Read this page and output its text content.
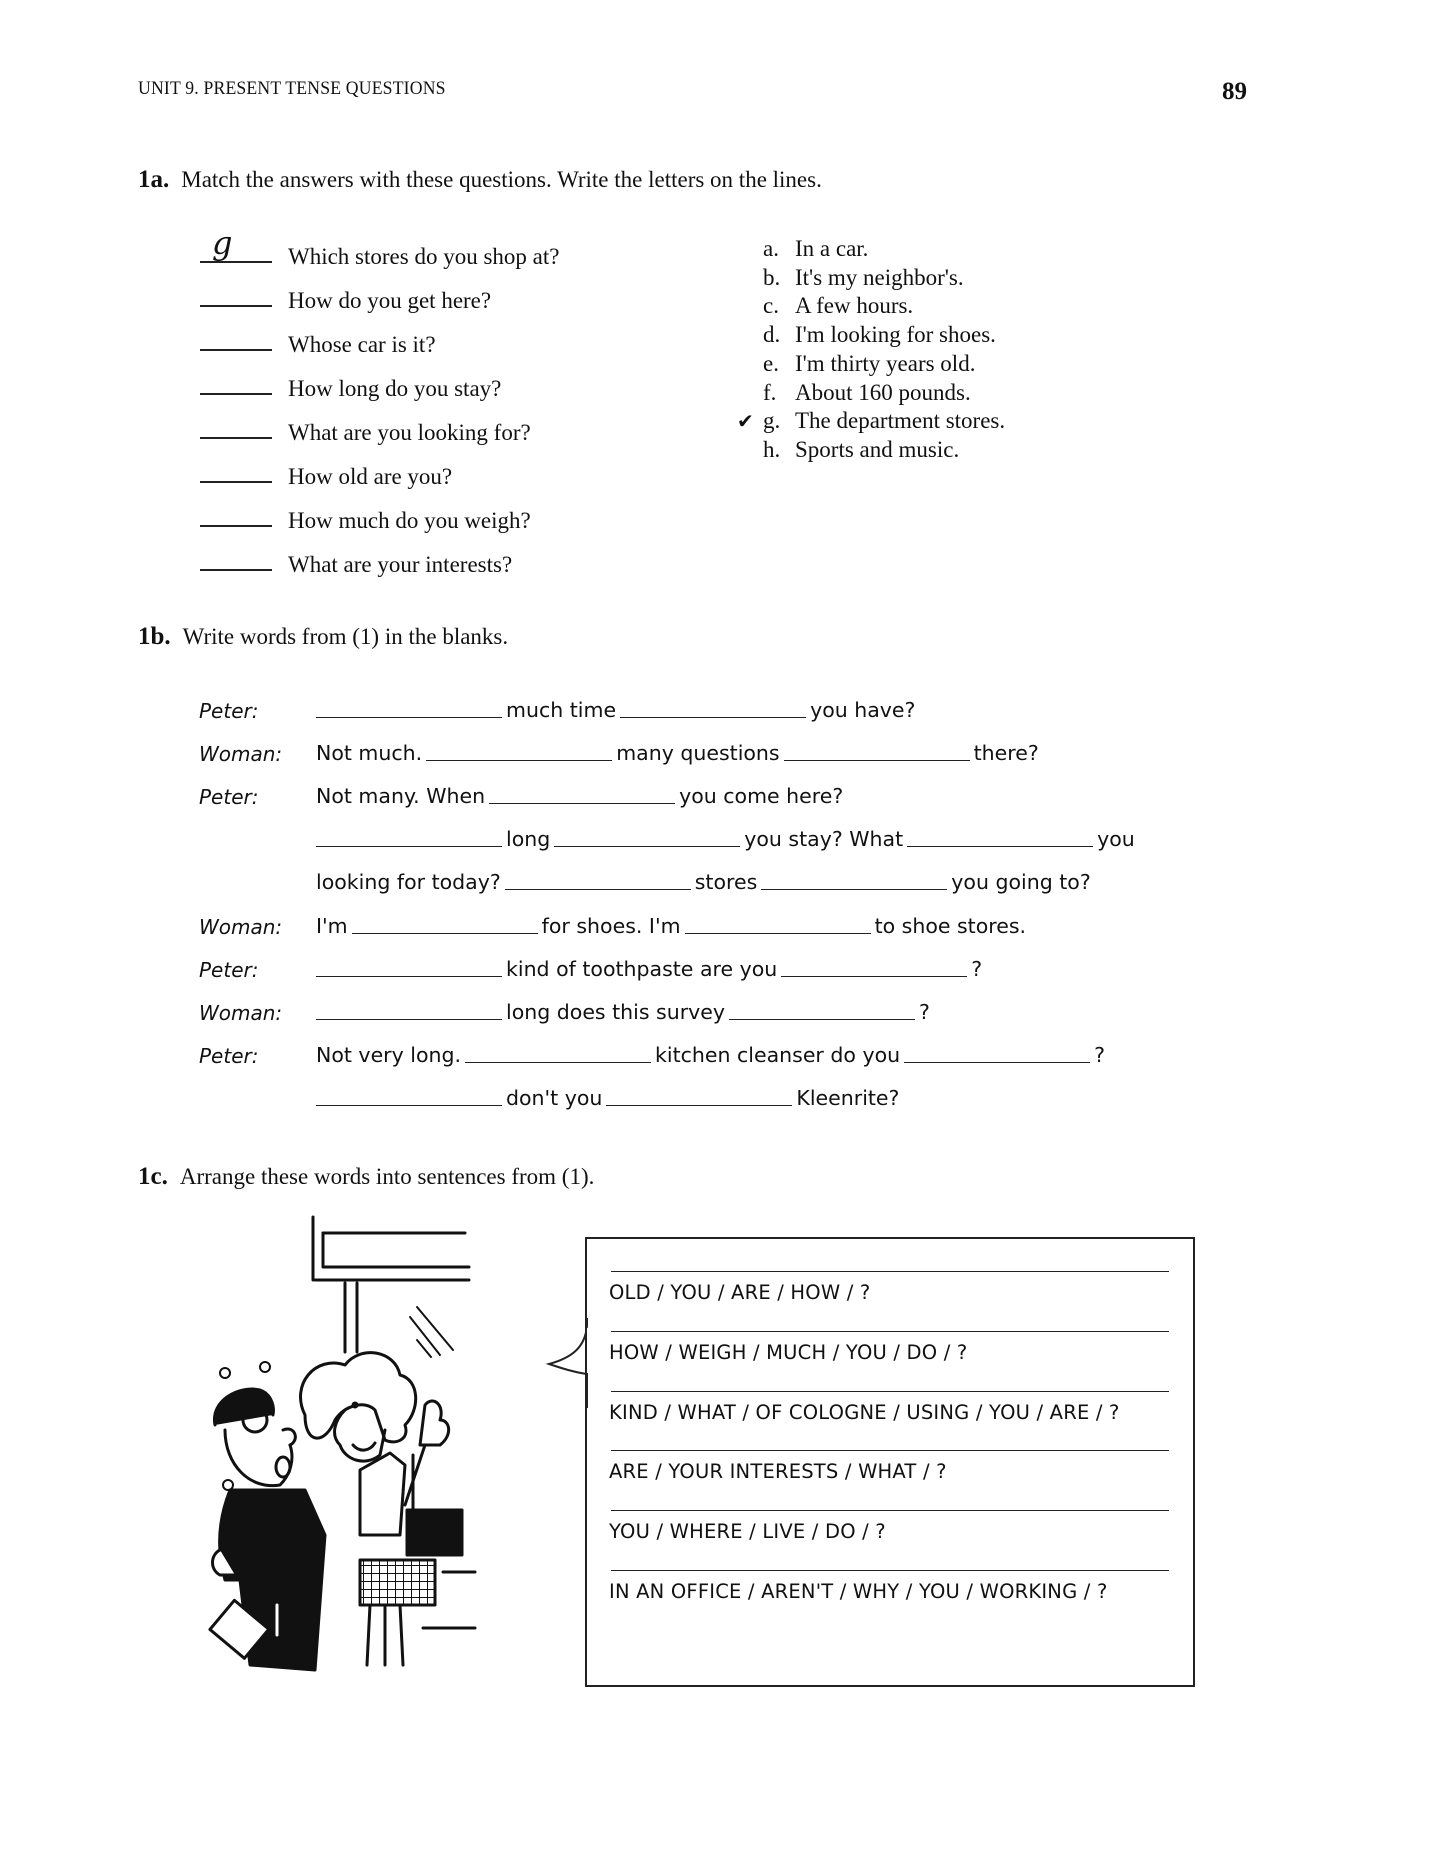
UNIT 9. PRESENT TENSE QUESTIONS	89
1a. Match the answers with these questions. Write the letters on the lines.
g Which stores do you shop at?
How do you get here?
Whose car is it?
How long do you stay?
What are you looking for?
How old are you?
How much do you weigh?
What are your interests?
a. In a car.
b. It's my neighbor's.
c. A few hours.
d. I'm looking for shoes.
e. I'm thirty years old.
f. About 160 pounds.
✔ g. The department stores.
h. Sports and music.
1b. Write words from (1) in the blanks.
Peter:	much time	you have?
Woman: Not much.	many questions	there?
Peter:	Not many. When	you come here?
long	you stay? What	you
looking for today?	stores	you going to?
Woman: I'm	for shoes. I'm	to shoe stores.
Peter:	kind of toothpaste are you	?
Woman:	long does this survey	?
Peter:	Not very long.	kitchen cleanser do you	?
don't you	Kleenrite?
1c. Arrange these words into sentences from (1).
OLD / YOU / ARE / HOW / ?
HOW / WEIGH / MUCH / YOU / DO / ?
KIND / WHAT / OF COLOGNE / USING / YOU / ARE / ?
ARE / YOUR INTERESTS / WHAT / ?
YOU / WHERE / LIVE / DO / ?
IN AN OFFICE / AREN'T / WHY / YOU / WORKING / ?
